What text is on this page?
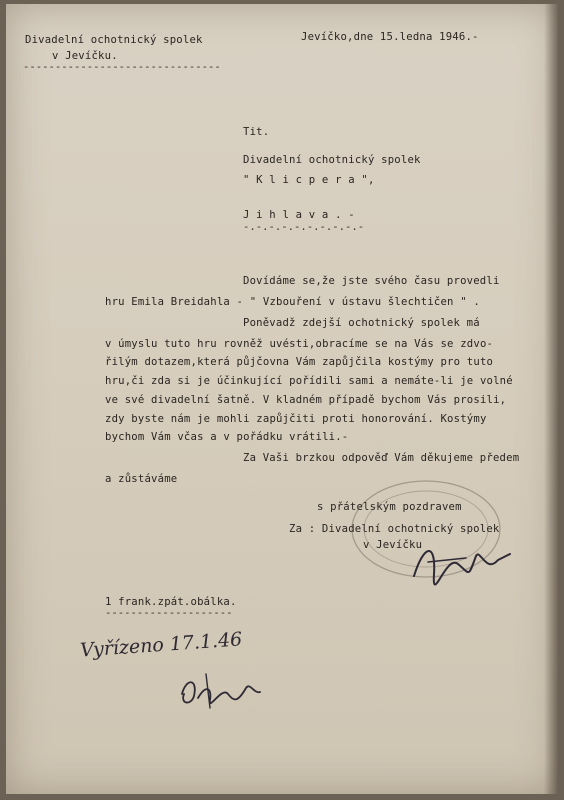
Divadelní ochotnický spolek
v Jevíčku.
-------------------------------
Jevíčko,dne 15.ledna 1946.-
Tit.
Divadelní ochotnický spolek
" K l i c p e r a ",
J i h l a v a . -
-.-.-.-.-.-.-.-.-.-
Dovídáme se,že jste svého času provedli
hru Emila Breidahla - " Vzbouření v ústavu šlechtičen " .
Poněvadž zdejší ochotnický spolek má
v úmyslu tuto hru rovněž uvésti,obracíme se na Vás se zdvo-
řilým dotazem,která půjčovna Vám zapůjčila kostýmy pro tuto
hru,či zda si je účinkující pořídili sami a nemáte-li je volné
ve své divadelní šatně. V kladném případě bychom Vás prosili,
zdy byste nám je mohli zapůjčiti proti honorování. Kostýmy
bychom Vám včas a v pořádku vrátili.-
Za Vaši brzkou odpověď Vám děkujeme předem
a zůstáváme
s přátelským pozdravem
Za : Divadelní ochotnický spolek
v Jevíčku
1 frank.zpát.obálka.
--------------------
Vyřízeno 17.1.46
